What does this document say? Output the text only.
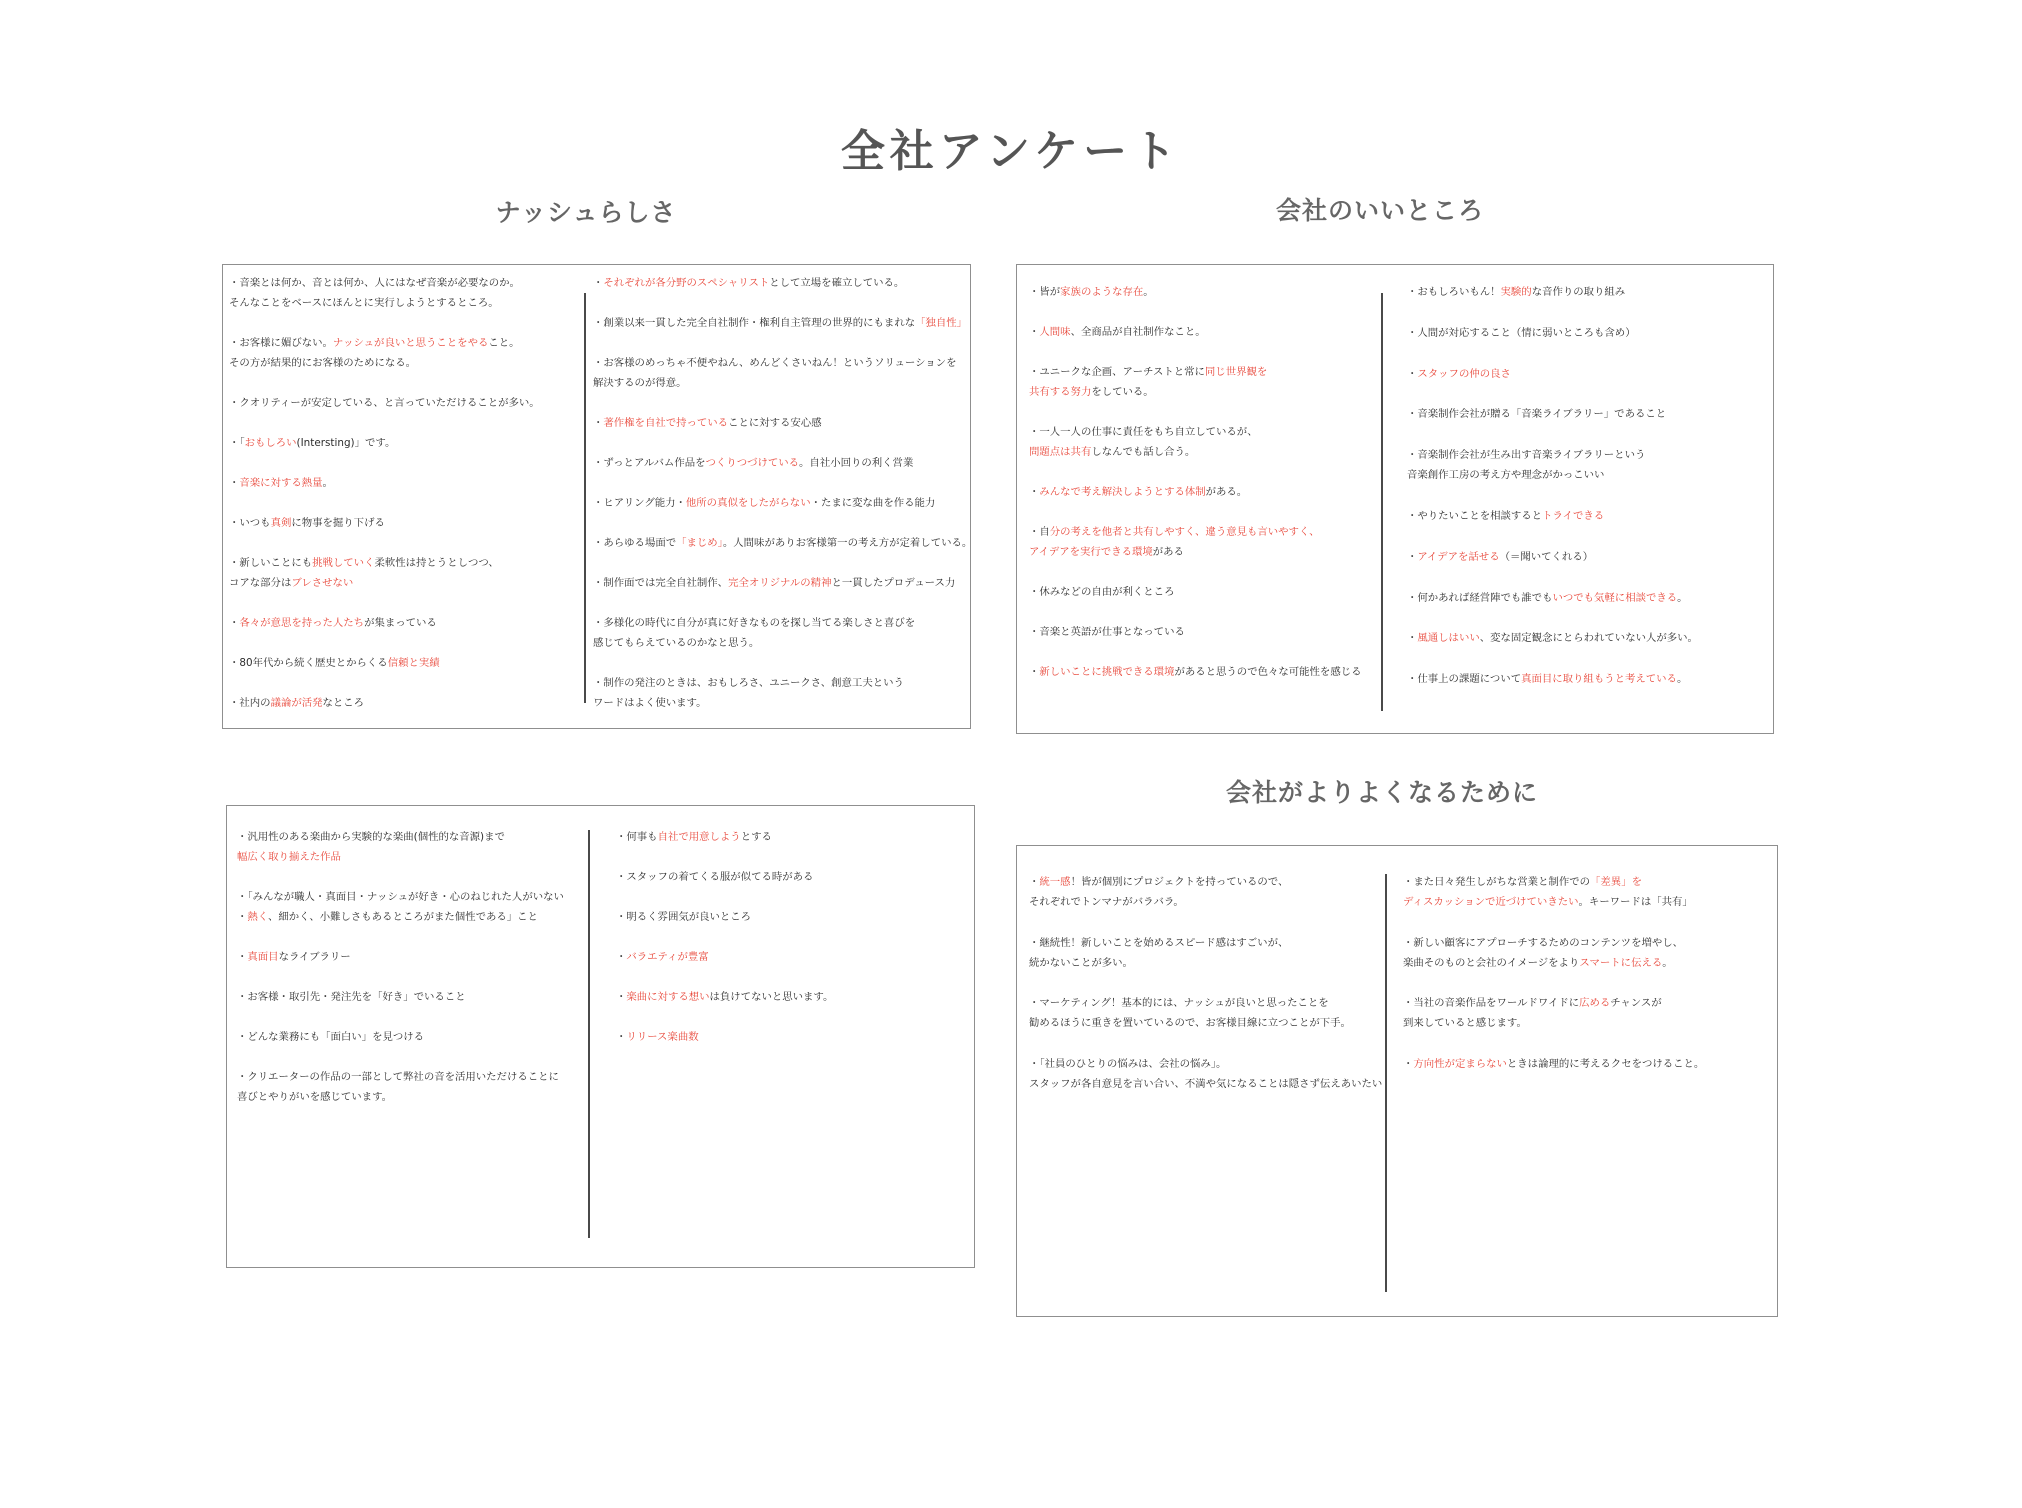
全社アンケート
ナッシュらしさ	会社のいいところ
会社がよりよくなるために

・音楽とは何か、音とは何か、人にはなぜ音楽が必要なのか。
そんなことをベースにほんとに実行しようとするところ。

・お客様に媚びない。ナッシュが良いと思うことをやること。
その方が結果的にお客様のためになる。

・クオリティーが安定している、と言っていただけることが多い。

・「おもしろい(Intersting)」です。

・音楽に対する熱量。

・いつも真剣に物事を掘り下げる

・新しいことにも挑戦していく柔軟性は持とうとしつつ、
コアな部分はブレさせない

・各々が意思を持った人たちが集まっている

・80年代から続く歴史とからくる信頼と実績

・社内の議論が活発なところ

・それぞれが各分野のスペシャリストとして立場を確立している。

・創業以来一貫した完全自社制作・権利自主管理の世界的にもまれな「独自性」

・お客様のめっちゃ不便やねん、めんどくさいねん！というソリューションを
解決するのが得意。

・著作権を自社で持っていることに対する安心感

・ずっとアルバム作品をつくりつづけている。自社小回りの利く営業

・ヒアリング能力・他所の真似をしたがらない・たまに変な曲を作る能力

・あらゆる場面で「まじめ」。人間味がありお客様第一の考え方が定着している。

・制作面では完全自社制作、完全オリジナルの精神と一貫したプロデュース力

・多様化の時代に自分が真に好きなものを探し当てる楽しさと喜びを
感じてもらえているのかなと思う。

・制作の発注のときは、おもしろさ、ユニークさ、創意工夫という
ワードはよく使います。

・汎用性のある楽曲から実験的な楽曲(個性的な音源)まで
幅広く取り揃えた作品

・「みんなが職人・真面目・ナッシュが好き・心のねじれた人がいない
・熱く、細かく、小難しさもあるところがまた個性である」こと

・真面目なライブラリー

・お客様・取引先・発注先を「好き」でいること

・どんな業務にも「面白い」を見つける

・クリエーターの作品の一部として弊社の音を活用いただけることに
喜びとやりがいを感じています。

・何事も自社で用意しようとする

・スタッフの着てくる服が似てる時がある

・明るく雰囲気が良いところ

・バラエティが豊富

・楽曲に対する想いは負けてないと思います。

・リリース楽曲数

・皆が家族のような存在。

・人間味、全商品が自社制作なこと。

・ユニークな企画、アーチストと常に同じ世界観を
共有する努力をしている。

・一人一人の仕事に責任をもち自立しているが、
問題点は共有しなんでも話し合う。

・みんなで考え解決しようとする体制がある。

・自分の考えを他者と共有しやすく、違う意見も言いやすく、
アイデアを実行できる環境がある

・休みなどの自由が利くところ

・音楽と英語が仕事となっている

・新しいことに挑戦できる環境があると思うので色々な可能性を感じる

・おもしろいもん！実験的な音作りの取り組み

・人間が対応すること（情に弱いところも含め）

・スタッフの仲の良さ

・音楽制作会社が贈る「音楽ライブラリー」であること

・音楽制作会社が生み出す音楽ライブラリーという
音楽創作工房の考え方や理念がかっこいい

・やりたいことを相談するとトライできる

・アイデアを話せる（＝聞いてくれる）

・何かあれば経営陣でも誰でもいつでも気軽に相談できる。

・風通しはいい、変な固定観念にとらわれていない人が多い。

・仕事上の課題について真面目に取り組もうと考えている。

・統一感！皆が個別にプロジェクトを持っているので、
それぞれでトンマナがバラバラ。

・継続性！新しいことを始めるスピード感はすごいが、
続かないことが多い。

・マーケティング！基本的には、ナッシュが良いと思ったことを
勧めるほうに重きを置いているので、お客様目線に立つことが下手。

・「社員のひとりの悩みは、会社の悩み」。
スタッフが各自意見を言い合い、不満や気になることは隠さず伝えあいたい

・また日々発生しがちな営業と制作での「差異」を
ディスカッションで近づけていきたい。キーワードは「共有」

・新しい顧客にアプローチするためのコンテンツを増やし、
楽曲そのものと会社のイメージをよりスマートに伝える。

・当社の音楽作品をワールドワイドに広めるチャンスが
到来していると感じます。

・方向性が定まらないときは論理的に考えるクセをつけること。
